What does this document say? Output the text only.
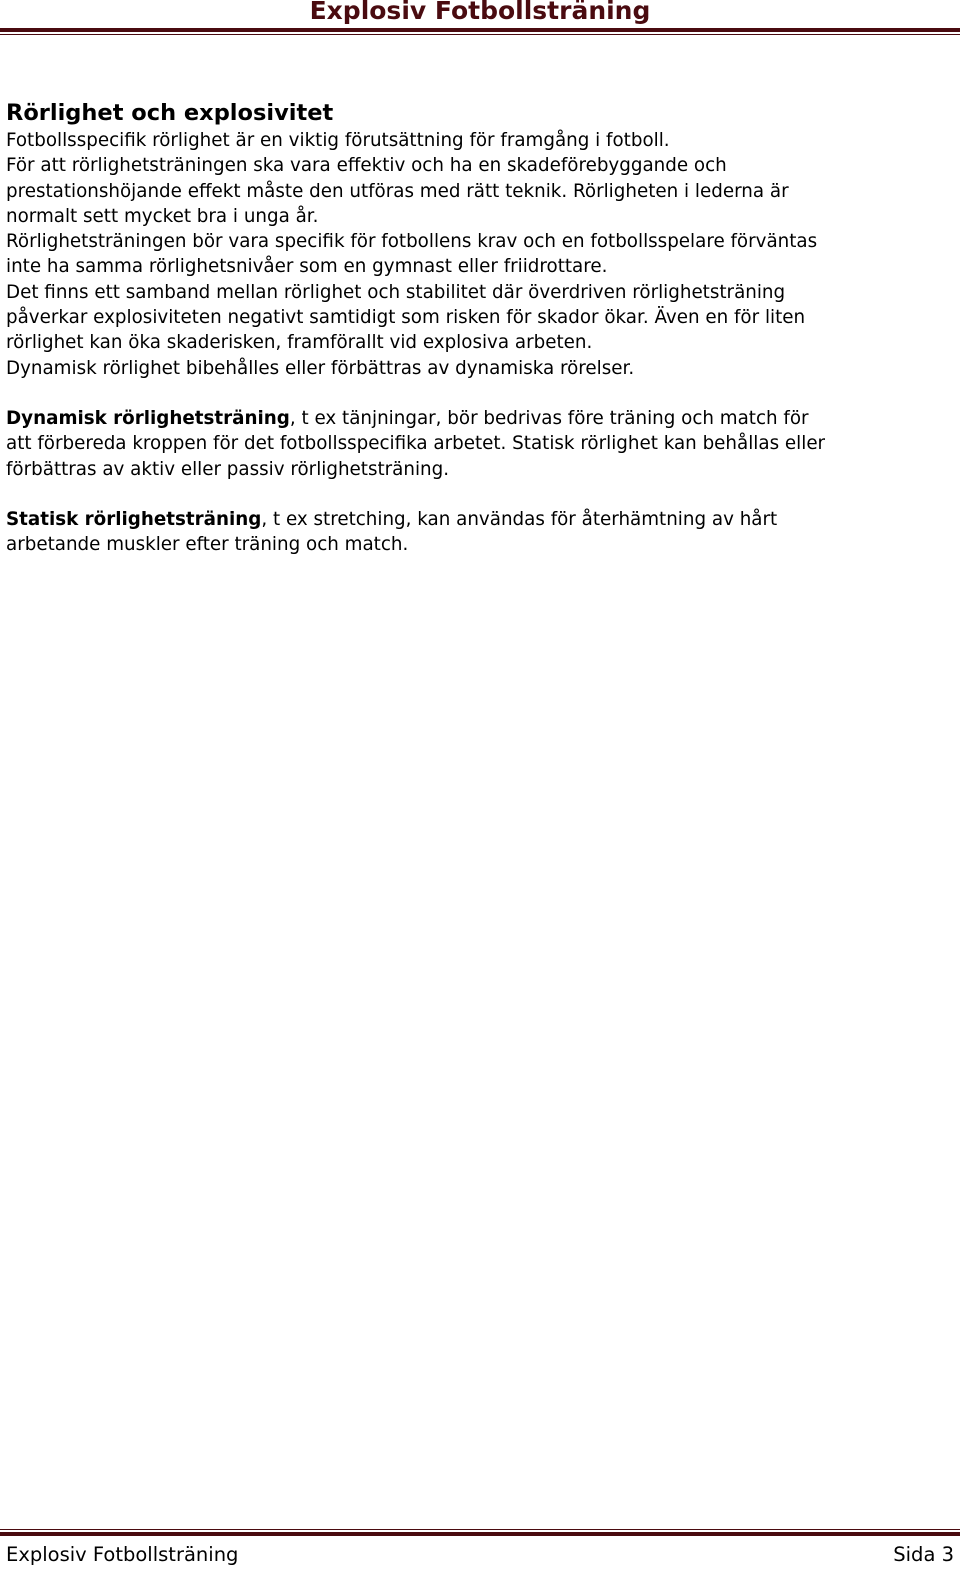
Explosiv Fotbollsträning
Rörlighet och explosivitet

Fotbollsspecifik rörlighet är en viktig förutsättning för framgång i fotboll.

För att rörlighetsträningen ska vara effektiv och ha en skadeförebyggande och

prestationshöjande effekt måste den utföras med rätt teknik. Rörligheten i lederna är

normalt sett mycket bra i unga år.

Rörlighetsträningen bör vara specifik för fotbollens krav och en fotbollsspelare förväntas

inte ha samma rörlighetsnivåer som en gymnast eller friidrottare.

Det finns ett samband mellan rörlighet och stabilitet där överdriven rörlighetsträning

påverkar explosiviteten negativt samtidigt som risken för skador ökar. Även en för liten

rörlighet kan öka skaderisken, framförallt vid explosiva arbeten.

Dynamisk rörlighet bibehålles eller förbättras av dynamiska rörelser.

Dynamisk rörlighetsträning, t ex tänjningar, bör bedrivas före träning och match för

att förbereda kroppen för det fotbollsspecifika arbetet. Statisk rörlighet kan behållas eller

förbättras av aktiv eller passiv rörlighetsträning.

Statisk rörlighetsträning, t ex stretching, kan användas för återhämtning av hårt

arbetande muskler efter träning och match.

Explosiv Fotbollsträning	Sida 3
